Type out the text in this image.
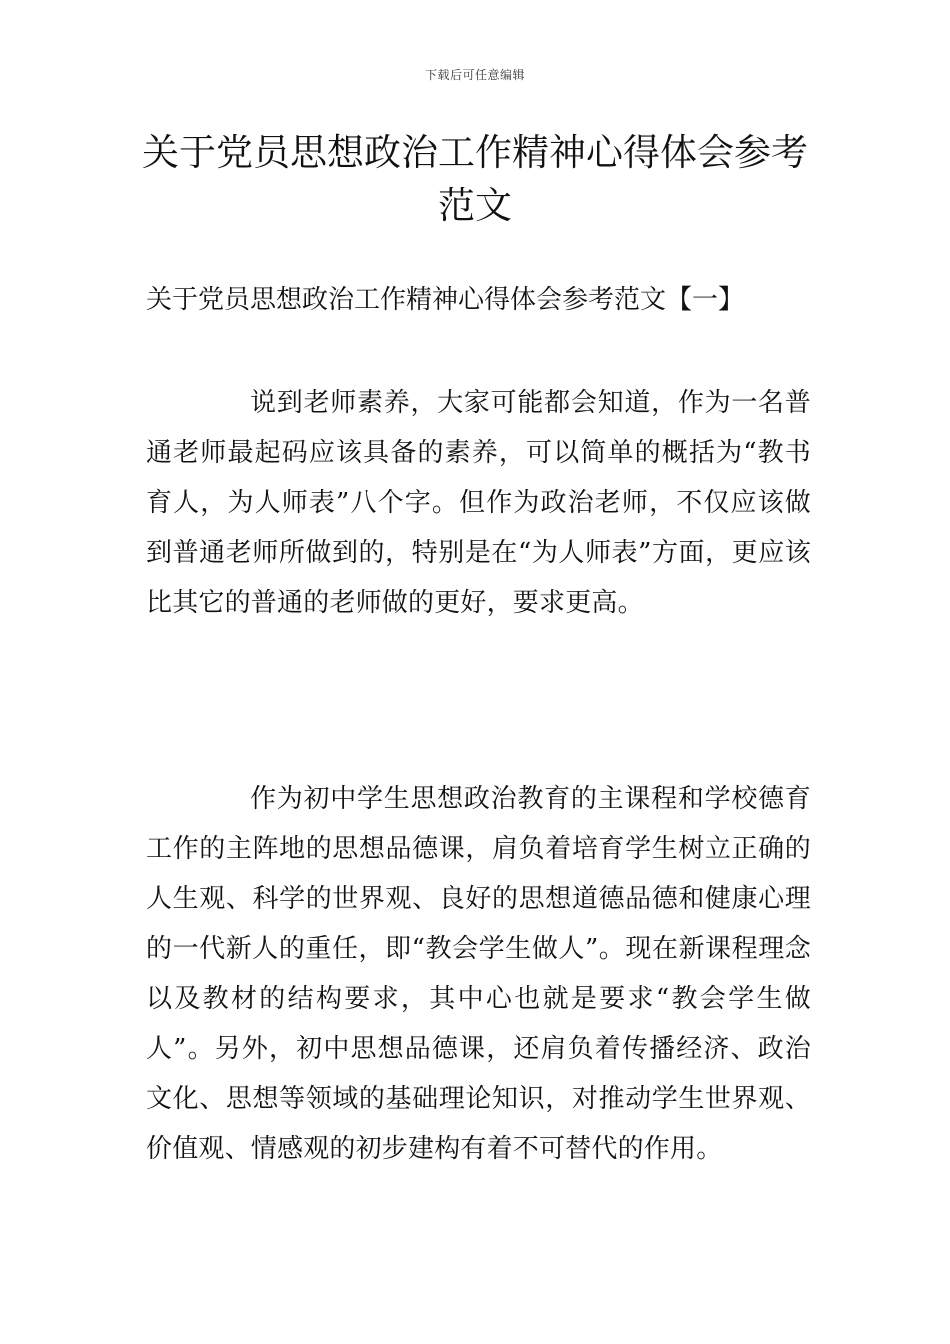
下载后可任意编辑
关于党员思想政治工作精神心得体会参考范文
关于党员思想政治工作精神心得体会参考范文【一】

说到老师素养，大家可能都会知道，作为一名普通老师最起码应该具备的素养，可以简单的概括为“教书育人，为人师表”八个字。但作为政治老师，不仅应该做到普通老师所做到的，特别是在“为人师表”方面，更应该比其它的普通的老师做的更好，要求更高。

作为初中学生思想政治教育的主课程和学校德育工作的主阵地的思想品德课，肩负着培育学生树立正确的人生观、科学的世界观、良好的思想道德品德和健康心理的一代新人的重任，即“教会学生做人”。现在新课程理念以及教材的结构要求，其中心也就是要求“教会学生做人”。另外，初中思想品德课，还肩负着传播经济、政治文化、思想等领域的基础理论知识，对推动学生世界观、价值观、情感观的初步建构有着不可替代的作用。
